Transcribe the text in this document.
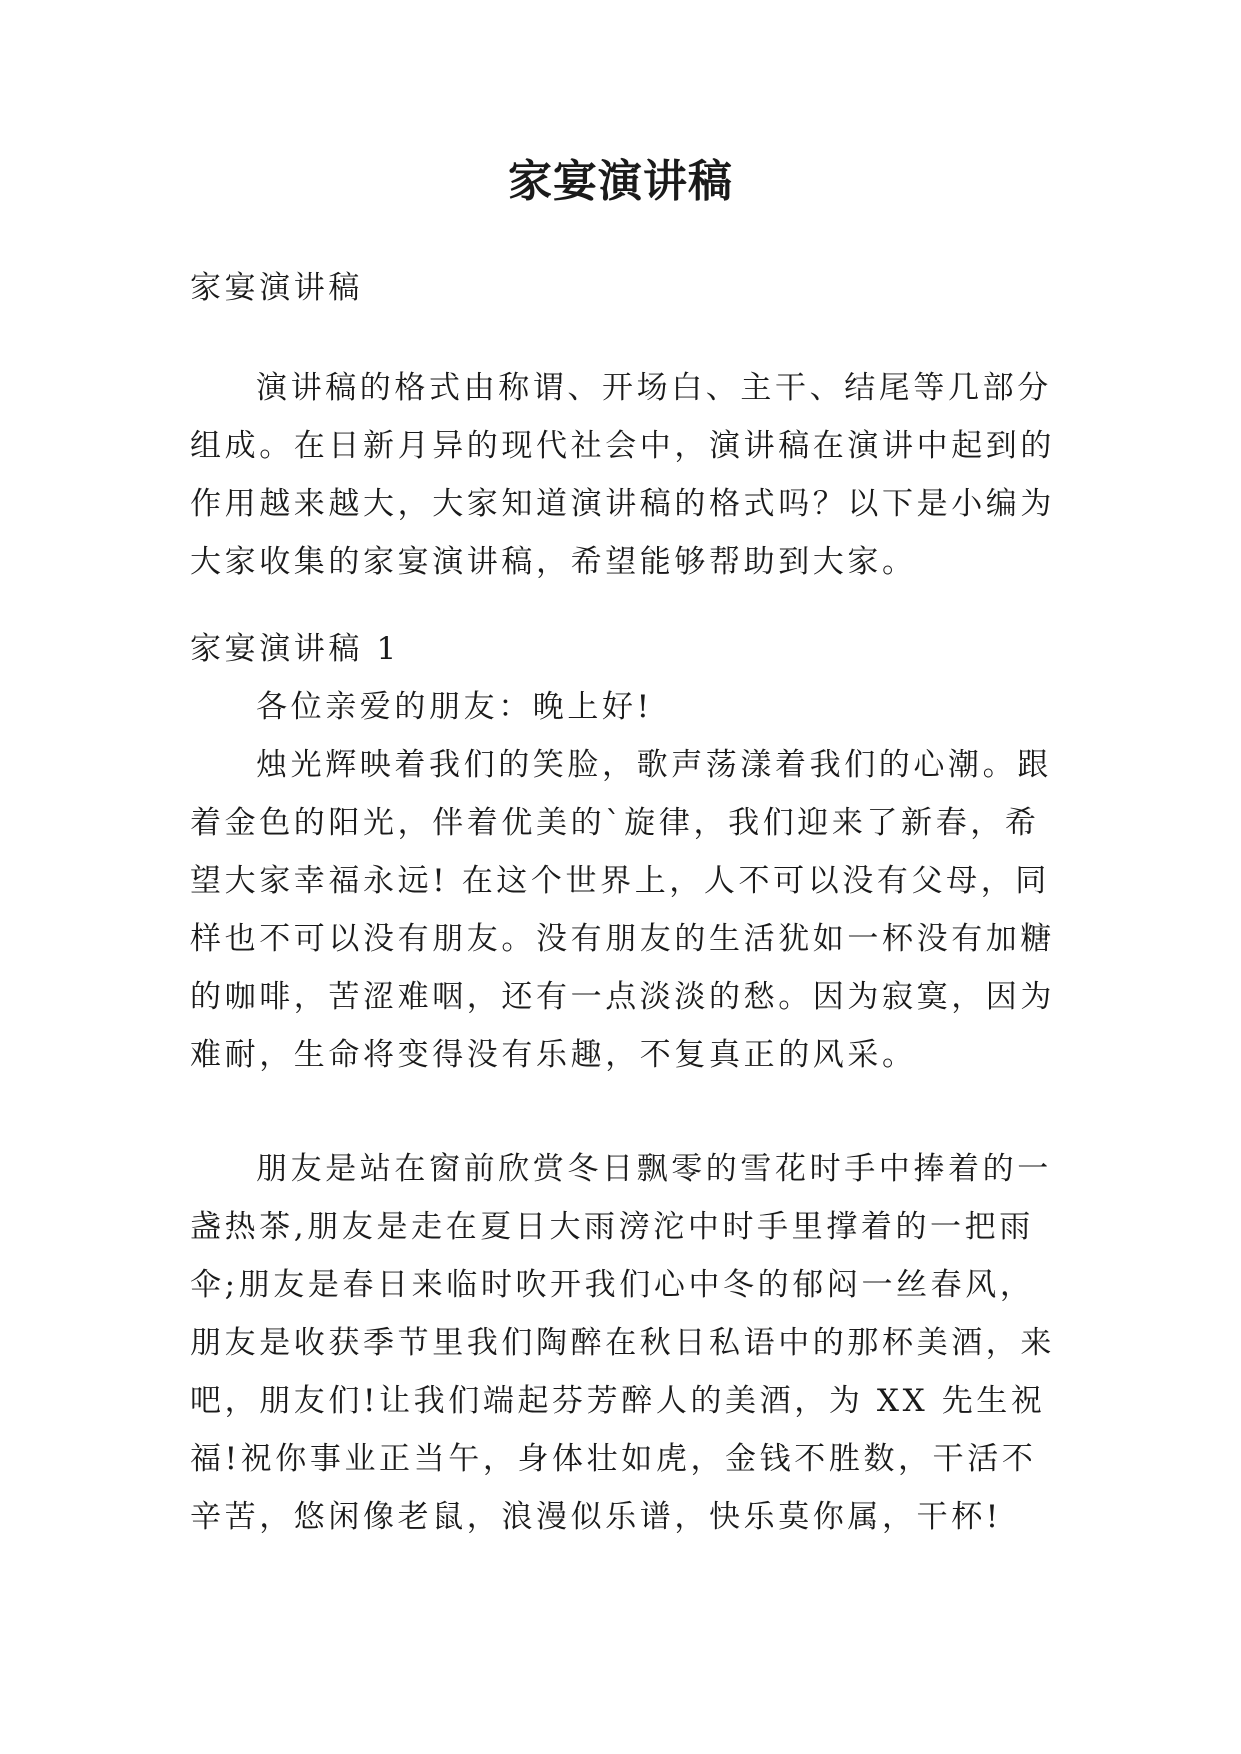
家宴演讲稿

家宴演讲稿

演讲稿的格式由称谓、开场白、主干、结尾等几部分组成。在日新月异的现代社会中，演讲稿在演讲中起到的作用越来越大，大家知道演讲稿的格式吗？以下是小编为大家收集的家宴演讲稿，希望能够帮助到大家。

家宴演讲稿 1

各位亲爱的朋友：晚上好!

烛光辉映着我们的笑脸，歌声荡漾着我们的心潮。跟着金色的阳光，伴着优美的`旋律，我们迎来了新春，希望大家幸福永远! 在这个世界上，人不可以没有父母，同样也不可以没有朋友。没有朋友的生活犹如一杯没有加糖的咖啡，苦涩难咽，还有一点淡淡的愁。因为寂寞，因为难耐，生命将变得没有乐趣，不复真正的风采。

朋友是站在窗前欣赏冬日飘零的雪花时手中捧着的一盏热茶,朋友是走在夏日大雨滂沱中时手里撑着的一把雨伞;朋友是春日来临时吹开我们心中冬的郁闷一丝春风，朋友是收获季节里我们陶醉在秋日私语中的那杯美酒，来吧，朋友们!让我们端起芬芳醉人的美酒，为 XX 先生祝福!祝你事业正当午，身体壮如虎，金钱不胜数，干活不辛苦，悠闲像老鼠，浪漫似乐谱，快乐莫你属，干杯!
